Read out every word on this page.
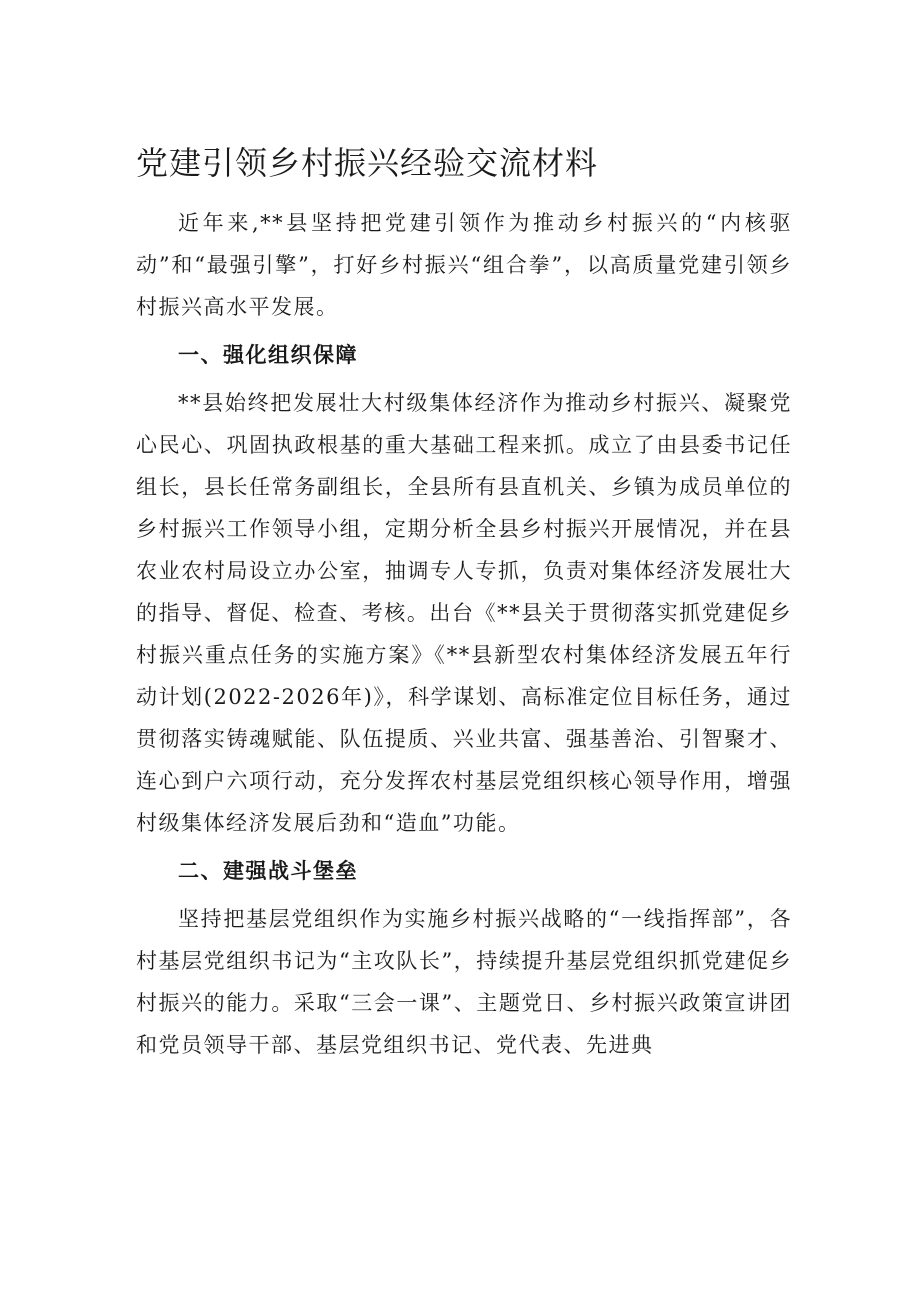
党建引领乡村振兴经验交流材料

近年来,**县坚持把党建引领作为推动乡村振兴的“内核驱动”和“最强引擎”，打好乡村振兴“组合拳”，以高质量党建引领乡村振兴高水平发展。

一、强化组织保障

**县始终把发展壮大村级集体经济作为推动乡村振兴、凝聚党心民心、巩固执政根基的重大基础工程来抓。成立了由县委书记任组长，县长任常务副组长，全县所有县直机关、乡镇为成员单位的乡村振兴工作领导小组，定期分析全县乡村振兴开展情况，并在县农业农村局设立办公室，抽调专人专抓，负责对集体经济发展壮大的指导、督促、检查、考核。出台《**县关于贯彻落实抓党建促乡村振兴重点任务的实施方案》《**县新型农村集体经济发展五年行动计划(2022-2026年)》，科学谋划、高标准定位目标任务，通过贯彻落实铸魂赋能、队伍提质、兴业共富、强基善治、引智聚才、连心到户六项行动，充分发挥农村基层党组织核心领导作用，增强村级集体经济发展后劲和“造血”功能。

二、建强战斗堡垒

坚持把基层党组织作为实施乡村振兴战略的“一线指挥部”，各村基层党组织书记为“主攻队长”，持续提升基层党组织抓党建促乡村振兴的能力。采取“三会一课”、主题党日、乡村振兴政策宣讲团和党员领导干部、基层党组织书记、党代表、先进典
